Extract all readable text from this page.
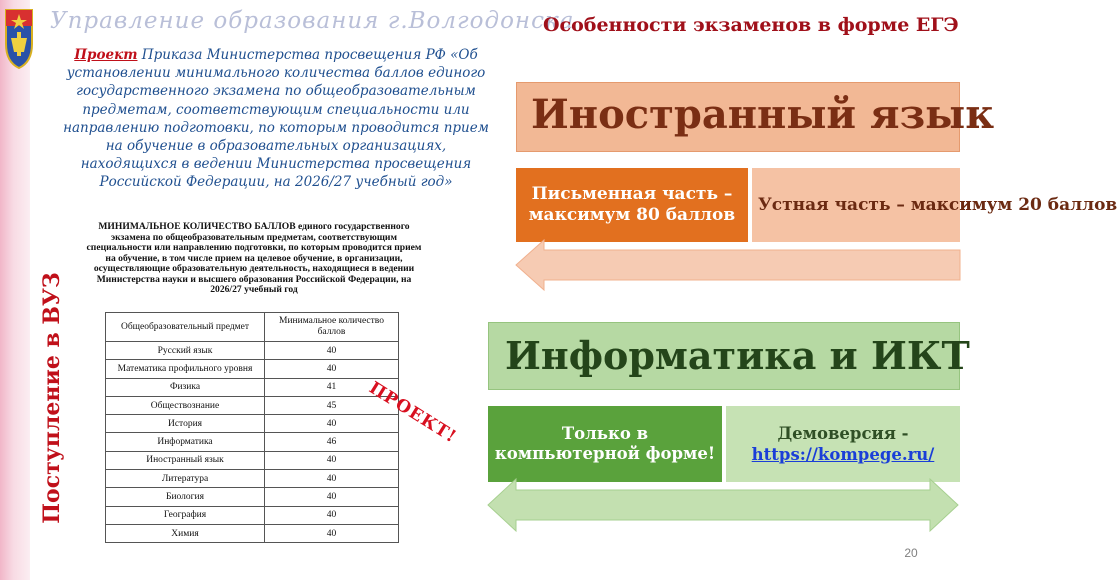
Управление образования г.Волгодонска
Поступление в ВУЗ
Проект Приказа Министерства просвещения РФ «Об установлении минимального количества баллов единого государственного экзамена по общеобразовательным предметам, соответствующим специальности или направлению подготовки, по которым проводится прием на обучение в образовательных организациях, находящихся в ведении Министерства просвещения Российской Федерации, на 2026/27 учебный год»
МИНИМАЛЬНОЕ КОЛИЧЕСТВО БАЛЛОВ единого государственного экзамена по общеобразовательным предметам, соответствующим специальности или направлению подготовки, по которым проводится прием на обучение, в том числе прием на целевое обучение, в организации, осуществляющие образовательную деятельность, находящиеся в ведении Министерства науки и высшего образования Российской Федерации, на 2026/27 учебный год
Общеобразовательный предмет	Минимальное количество баллов
Русский язык	40
Математика профильного уровня	40
Физика	41
Обществознание	45
История	40
Информатика	46
Иностранный язык	40
Литература	40
Биология	40
География	40
Химия	40
ПРОЕКТ!
Особенности экзаменов в форме ЕГЭ
Иностранный язык
Письменная часть – максимум 80 баллов
Устная часть – максимум 20 баллов
Информатика и ИКТ
Только в компьютерной форме!
Демоверсия -
https://kompege.ru/
20
